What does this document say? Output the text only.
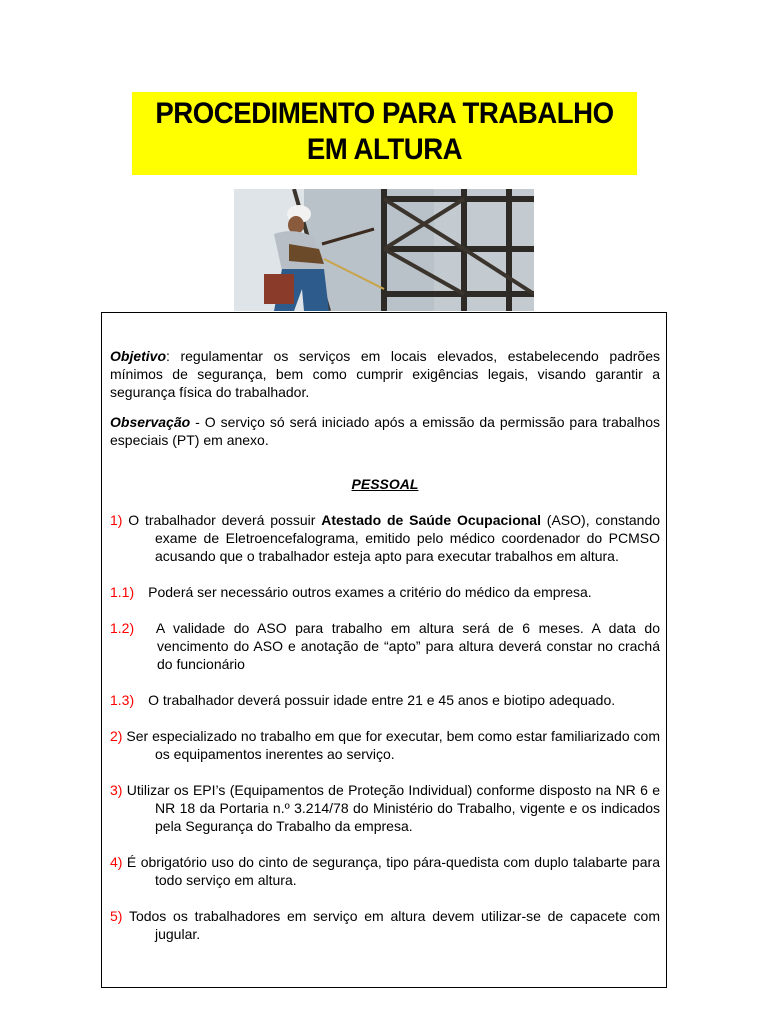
PROCEDIMENTO PARA TRABALHO
EM ALTURA

Objetivo: regulamentar os serviços em locais elevados, estabelecendo padrões mínimos de segurança, bem como cumprir exigências legais, visando garantir a segurança física do trabalhador.

Observação - O serviço só será iniciado após a emissão da permissão para trabalhos especiais (PT) em anexo.

PESSOAL

1) O trabalhador deverá possuir Atestado de Saúde Ocupacional (ASO), constando exame de Eletroencefalograma, emitido pelo médico coordenador do PCMSO acusando que o trabalhador esteja apto para executar trabalhos em altura.

1.1) Poderá ser necessário outros exames a critério do médico da empresa.

1.2) A validade do ASO para trabalho em altura será de 6 meses. A data do vencimento do ASO e anotação de “apto” para altura deverá constar no crachá do funcionário

1.3) O trabalhador deverá possuir idade entre 21 e 45 anos e biotipo adequado.

2) Ser especializado no trabalho em que for executar, bem como estar familiarizado com os equipamentos inerentes ao serviço.

3) Utilizar os EPI’s (Equipamentos de Proteção Individual) conforme disposto na NR 6 e NR 18 da Portaria n.º 3.214/78 do Ministério do Trabalho, vigente e os indicados pela Segurança do Trabalho da empresa.

4) É obrigatório uso do cinto de segurança, tipo pára-quedista com duplo talabarte para todo serviço em altura.

5) Todos os trabalhadores em serviço em altura devem utilizar-se de capacete com jugular.
